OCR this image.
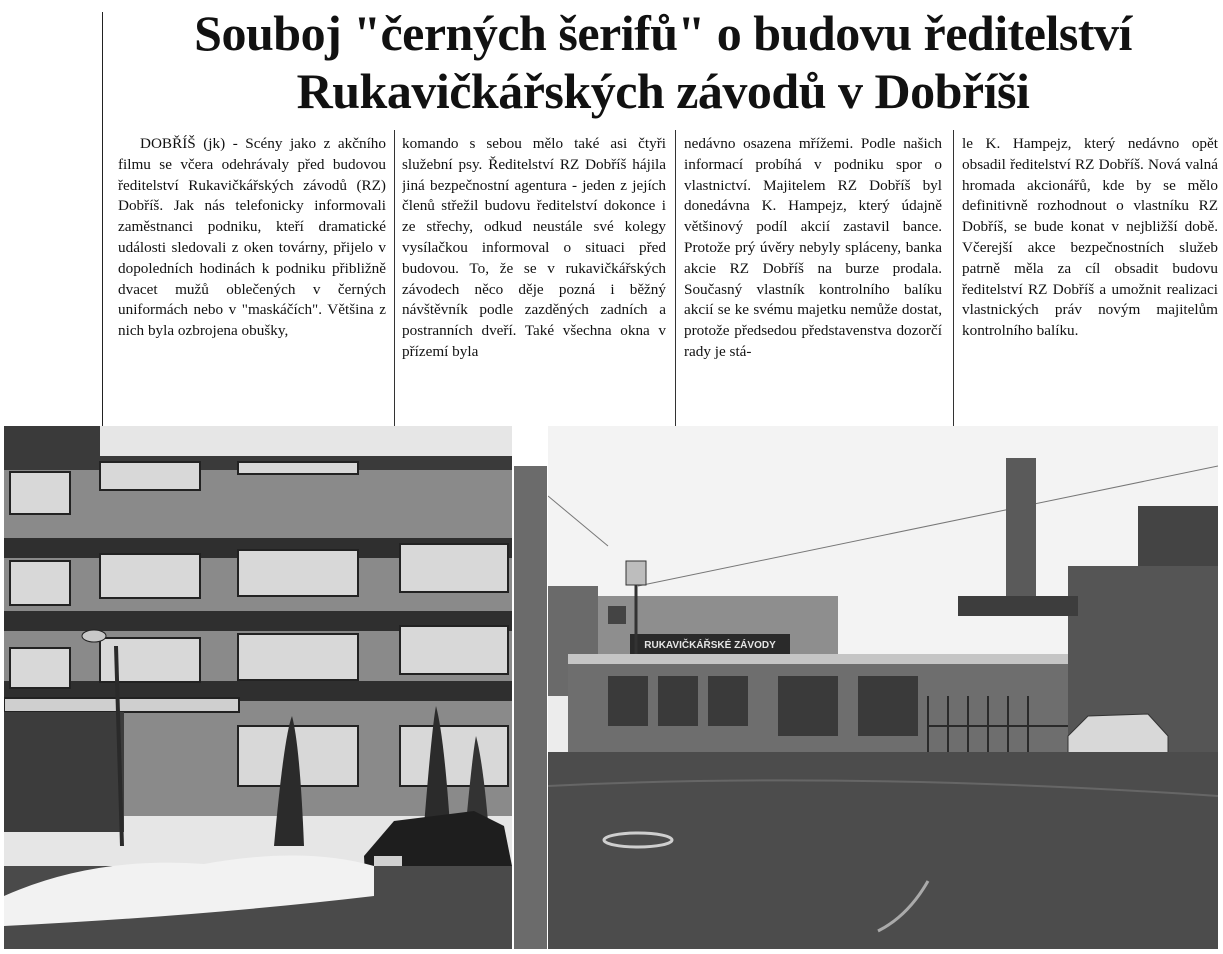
Souboj "černých šerifů" o budovu ředitelství
Rukavičkářských závodů v Dobříši

DOBŘÍŠ (jk) - Scény jako z akčního filmu se včera odehrávaly před budovou ředitelství Rukavičkářských závodů (RZ) Dobříš. Jak nás telefonicky informovali zaměstnanci podniku, kteří dramatické události sledovali z oken továrny, přijelo v dopoledních hodinách k podniku přibližně dvacet mužů oblečených v černých uniformách nebo v "maskáčích". Většina z nich byla ozbrojena obušky,

komando s sebou mělo také asi čtyři služební psy. Ředitelství RZ Dobříš hájila jiná bezpečnostní agentura - jeden z jejích členů střežil budovu ředitelství dokonce i ze střechy, odkud neustále své kolegy vysílačkou informoval o situaci před budovou. To, že se v rukavičkářských závodech něco děje pozná i běžný návštěvník podle zazděných zadních a postranních dveří. Také všechna okna v přízemí byla

nedávno osazena mřížemi. Podle našich informací probíhá v podniku spor o vlastnictví. Majitelem RZ Dobříš byl donedávna K. Hampejz, který údajně většinový podíl akcií zastavil bance. Protože prý úvěry nebyly spláceny, banka akcie RZ Dobříš na burze prodala. Současný vlastník kontrolního balíku akcií se ke svému majetku nemůže dostat, protože předsedou představenstva dozorčí rady je stá-

le K. Hampejz, který nedávno opět obsadil ředitelství RZ Dobříš. Nová valná hromada akcionářů, kde by se mělo definitivně rozhodnout o vlastníku RZ Dobříš, se bude konat v nejbližší době. Včerejší akce bezpečnostních služeb patrně měla za cíl obsadit budovu ředitelství RZ Dobříš a umožnit realizaci vlastnických práv novým majitelům kontrolního balíku.

RUKAVIČKÁŘSKÉ ZÁVODY
